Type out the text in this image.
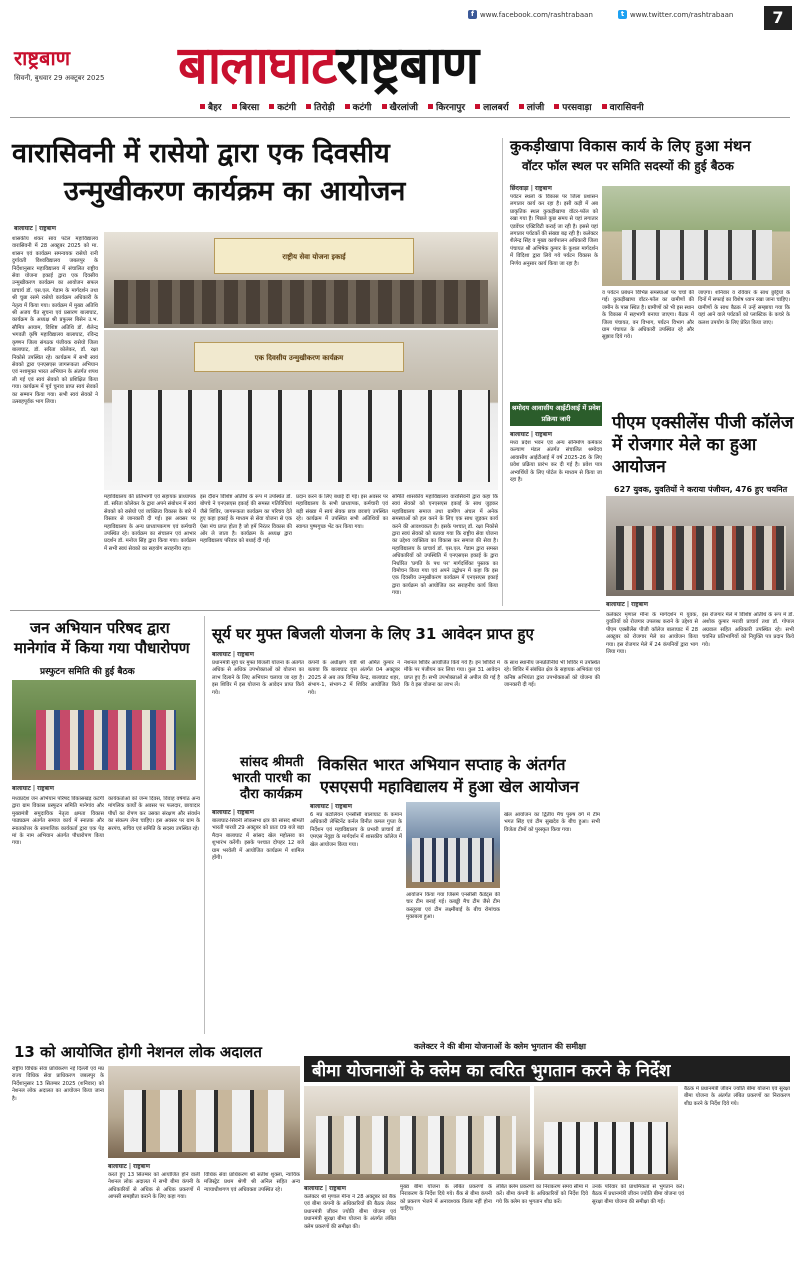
f www.facebook.com/rashtrabaan	t www.twitter.com/rashtrabaan	7
राष्ट्रबाण
सिवनी, बुधवार 29 अक्टूबर 2025 बालाघाटराष्ट्रबाण
बैहर बिरसा कटंगी तिरोड़ी कटंगी खैरलांजी किरनापुर लालबर्रा लांजी परसवाड़ा वारासिवनी
वारासिवनी में रासेयो द्वारा एक दिवसीय
उन्मुखीकरण कार्यक्रम का आयोजन
बालाघाट | राष्ट्रबाण
शासकीय शंकर साव पटेल महाविद्यालय वारासिवनी में 28 अक्टूबर 2025 को मा. शासन एवं कार्यक्रम समन्वयक रासेयो रानी दुर्गावती विश्वविद्यालय जबलपुर के निर्देशानुसार महाविद्यालय में संचालित राष्ट्रीय सेवा योजना इकाई द्वारा एक दिवसीय उन्मुखीकरण कार्यक्रम का आयोजन सफल प्राचार्य डॉ. एस.एल. गेडाम के मार्गदर्शन तथा श्री चुन्ना रसमे रासेयो कार्यक्रम अधिकारी के नेतृत्व में किया गया। कार्यक्रम में मुख्य अतिथि श्री अजय चैत सूचना एवं प्रसारण बालाघाट, कार्यक्रम के अध्यक्ष श्री प्रफुल्ल बिसेन उ.भ. सौमित्र आयाम, विशिष्ट अतिथि डॉ. शैलेन्द्र भगवती कृषि महाविद्यालय बालाघाट, रविन्द्र कृष्णन जिला संगठक पंजीयक रासेयो जिला बालाघाट, डॉ. सरिता कोलेकर, डॉ. रक्षा निकोसे उपस्थित रहे। कार्यक्रम में सभी स्वयं सेवको द्वारा एनएसएस जागरूकता अभियान एवं नशामुक्त भारत अभियान के अंतर्गत शपथ ली गई एवं स्वयं सेवको को प्रशिक्षित किया गया। कार्यक्रम में पूर्व चुनाव प्राप्त स्वयं सेवकों का सम्मान किया गया। सभी स्वयं सेवको ने उत्साहपूर्वक भाग लिया।
राष्ट्रीय सेवा योजना इकाई
एक दिवसीय उन्मुखीकरण कार्यक्रम
महाविद्यालय की प्रतिभागी एवं सहायक प्राध्यापक डॉ. सरिता कोलेकर के द्वारा अपने संबोधन में स्वयं सेवको को रासेयो एवं व्यक्तित्व विकास के बारे में विस्तार से जानकारी दी गई। इस अवसर पर महाविद्यालय के अन्य प्राध्यापकगण एवं कर्मचारी उपस्थित रहे। कार्यक्रम का संचालन एवं आभार प्रदर्शन डॉ. मनोज सिंह द्वारा किया गया। कार्यक्रम में सभी स्वयं सेवको का सहयोग सराहनीय रहा।
इस दौरान विशिष्ट अतिथि के रूप में उपस्थित डॉ. बोपचे ने एनएसएस इकाई की समस्त गतिविधियां जैसे शिविर, जागरूकता कार्यक्रम का परिचय देते हुए कहा इकाई के माध्यम से सेवा योजना से एक ऐसा मंच प्राप्त होता है जो हमें निरंतर विकास की ओर ले जाता है। कार्यक्रम के अध्यक्ष द्वारा महाविद्यालय परिवार को बधाई दी गई।
प्रदान करने के लिए बधाई दी गई। इस अवसर पर महाविद्यालय के सभी प्राध्यापक, कर्मचारी एवं बड़ी संख्या में स्वयं सेवक छात्र छात्राएं उपस्थित रहे। कार्यक्रम में उपस्थित सभी अतिथियों का स्वागत पुष्पगुच्छ भेंट कर किया गया।
समिति शासकीय महाविद्यालय वारासिवनी द्वारा कहा कि स्वयं सेवको को एनएसएस इकाई के साथ जुड़कर महाविद्यालय समाज तथा ग्रामीण अंचल में अनेक समस्याओं को हल करने के लिए एक साथ जुड़कर कार्य करने की आवश्यकता है। इसके पश्चात् डॉ. रक्षा निकोसे द्वारा स्वयं सेवको को बताया गया कि राष्ट्रीय सेवा योजना का उद्देश्य व्यक्तित्व का विकास कर समाज की सेवा है। महाविद्यालय के प्राचार्य डॉ. एस.एल. गेडाम द्वारा समस्त अधिकारियों को उपस्थिति में एनएसएस इकाई के द्वारा निर्धारित 'प्रगति के पथ पर' मार्गदर्शिका पुस्तक का विमोचन किया गया एवं अपने उद्बोधन में कहा कि इस एक दिवसीय उन्मुखीकरण कार्यक्रम में एनएसएस इकाई द्वारा कार्यक्रम को आयोजित कर सराहनीय कार्य किया गया।
कुकड़ीखापा विकास कार्य के लिए हुआ मंथन
वॉटर फॉल स्थल पर समिति सदस्यों की हुई बैठक
छिंदवाड़ा | राष्ट्रबाण
पर्यटन स्थलों के विकास पर जिला प्रशासन लगातार कार्य कर रहा है। इसी कड़ी में अब प्राकृतिक स्थल कुकड़ीखापा वॉटर-फॉल को रखा गया है। पिछले कुछ समय से यहां लगातार एडवेंचर एक्टिविटी कराई जा रही है। इससे यहां लगातार पर्यटकों की संख्या बढ़ रही है। कलेक्टर शैलेन्द्र सिंह व मुख्य कार्यपालन अधिकारी जिला पंचायत श्री अभिषेक कुमार के कुशल मार्गदर्शन में विदिशा द्वारा लिये गये पर्यटन विकास के निर्णय अनुसार कार्य किया जा रहा है।
व पर्यटन प्रबंधन विभिन्न समस्याओं पर चर्चा की गई। कुकड़ीखापा वॉटर-फॉल का ग्रामीणों की जमीन के पास स्थित है। ग्रामीणों को भी इस स्थान के विकास में सहभागी बनाया जाएगा। बैठक में जिला पंचायत, वन विभाग, पर्यटन विभाग और ग्राम पंचायत के अधिकारी उपस्थित रहे और सुझाव दिये गये।
जाएगा। शनिवार व रविवार के साथ छुट्टियों के दिनों में सफाई का विशेष ध्यान रखा जाना चाहिए। ग्रामीणों के साथ बैठक में उन्हें सम्झाया गया कि यहां आने वाले पर्यटकों को प्लास्टिक के कचरे के कलश उपयोग के लिए प्रेरित किया जाए।
श्रमोदय आवासीय आईटीआई में प्रवेश प्रक्रिया जारी
बालाघाट | राष्ट्रबाण
मध्य प्रदेश भवन एवं अन्य संनिर्माण कर्मकार कल्याण मंडल अंतर्गत संचालित श्रमोदय आवासीय आईटीआई में वर्ष 2025-26 के लिए प्रवेश प्रक्रिया प्रारंभ कर दी गई है। प्रवेश पात्र अभ्यर्थियों के लिए पोर्टल के माध्यम से किया जा रहा है।
पीएम एक्सीलेंस पीजी कॉलेज में रोजगार मेले का हुआ आयोजन
627 युवक, युवतियों ने कराया पंजीयन, 476 हुए चयनित
बालाघाट | राष्ट्रबाण
कलेक्टर मृणाल मीना के मार्गदर्शन में युवक, युवतियों को रोजगार उपलब्ध कराने के उद्देश्य से पीएम एक्सीलेंस पीजी कॉलेज बालाघाट में 28 अक्टूबर को रोजगार मेले का आयोजन किया गया। इस रोजगार मेले में 24 कंपनियों द्वारा भाग लिया गया।
इस रोजगार मेले में विशिष्ट अतिथि के रूप में डॉ. अशोक कुमार मरावी प्राचार्य तथा डॉ. गोपाल अग्रवाल सहित अधिकारी उपस्थित रहे। सभी चयनित प्रतिभागियों को नियुक्ति पत्र प्रदान किये गये।
जन अभियान परिषद द्वारा
मानेगांव में किया गया पौधारोपण
प्रस्फुटन समिति की हुई बैठक
बालाघाट | राष्ट्रबाण
मध्यप्रदेश जन अभियान परिषद विकासखंड़ कटंगी द्वारा ग्राम विकास प्रस्फुटन समिति मानेगांव और मुख्यमंत्री समुदायिक नेतृत्व क्षमता विकास पाठ्यक्रम अंतर्गत समाज कार्य में स्नातक और स्नातकोत्तर के सामाजिक कार्यकर्ता द्वारा एक पेड़ मां के नाम अभियान अंतर्गत पौधारोपण किया गया।
कार्यकर्ताओं को जन्म दिवस, विवाह वर्षगांठ अन्य मांगलिक कार्यों के अवसर पर फलदार, छायादार पौधों का रोपण कर उसका संरक्षण और संवर्धन का संकल्प लेना चाहिए। इस अवसर पर ग्राम के सरपंच, सचिव एवं समिति के सदस्य उपस्थित रहे।
सूर्य घर मुफ्त बिजली योजना के लिए 31 आवेदन प्राप्त हुए
बालाघाट | राष्ट्रबाण
प्रधानमंत्री सूर्य घर मुफ्त बिजली योजना के अंतर्गत अधिक से अधिक उपभोक्ताओं को योजना का लाभ दिलाने के लिए अभियान चलाया जा रहा है। इस शिविर में इस योजना के आवेदन प्राप्त किये गये।
कंपनी के अधीक्षण यंत्री श्री अमित कुमार ने बताया कि बालाघाट वृत्त अंतर्गत 04 अक्टूबर 2025 से अब तक विभिन्न केन्द्र, बालाघाट शहर, संभाग-1, संभाग-2 में शिविर आयोजित किये गये।
नेशनल शिविर आयोजित किये गये है। इन शिविरों में मौके पर पंजीयन कर लिया गया। कुल 31 आवेदन प्राप्त हुए हैं। सभी उपभोक्ताओं से अपील की गई है कि वे इस योजना का लाभ लें।
के साथ स्थानीय जनप्रतिनिधि भी शिविर में उपस्थित रहे। शिविर में संबंधित क्षेत्र के सहायक अभियंता एवं कनिष्ठ अभियंता द्वारा उपभोक्ताओं को योजना की जानकारी दी गई।
सांसद श्रीमती
भारती पारधी का
दौरा कार्यक्रम
बालाघाट | राष्ट्रबाण
बालाघाट-सिवनी लोकसभा क्षेत्र की सांसद श्रीमती भारती पारधी 29 अक्टूबर को प्रातः 09 बजे बड़ा मैदान बालाघाट में सांसद खेल महोत्सव का शुभारंभ करेंगी। इसके पश्चात दोपहर 12 बजे ग्राम भरवेली में आयोजित कार्यक्रम में शामिल होंगी।
विकसित भारत अभियान सप्ताह के अंतर्गत
एसएसपी महाविद्यालय में हुआ खेल आयोजन
बालाघाट | राष्ट्रबाण
6 मप्र बटालियन एनसीसी बालाघाट के कमान अधिकारी लेफ्टिनेंट कर्नल विनीत कमल गुप्ता के निर्देशन एवं महाविद्यालय के प्रभारी प्राचार्य डॉ. एमएस नेवुड़ा के मार्गदर्शन में शासकीय कॉलेज में खेल आयोजन किया गया।
आयोजन किया गया जिसमें एनसीसी कैडेट्स की चार टीम बनाई गई। कबड्डी मैच टीम जैसे टीम कस्तूरबा एवं टीम लक्ष्मीबाई के बीच रोमांचक मुकाबला हुआ।
खेल आयोजन का द्वितीय मैच पुरुष वर्ग में टीम भगत सिंह एवं टीम सुखदेव के बीच हुआ। सभी विजेता टीमों को पुरस्कृत किया गया।
कलेक्टर ने की बीमा योजनाओं के क्लेम भुगतान की समीक्षा
बीमा योजनाओं के क्लेम का त्वरित भुगतान करने के निर्देश
बालाघाट | राष्ट्रबाण
कलेक्टर श्री मृणाल मीना ने 28 अक्टूबर को बैंक एवं बीमा कंपनी के अधिकारियों की बैठक लेकर प्रधानमंत्री जीवन ज्योति बीमा योजना एवं प्रधानमंत्री सुरक्षा बीमा योजना के अंतर्गत लंबित क्लेम प्रकरणों की समीक्षा की।
मुख्य बीमा योजना के लंबित प्रकरणों के निराकरण के निर्देश दिये गये। बैंक से बीमा कंपनी को प्रकरण भेजने में अनावश्यक विलंब नहीं होना चाहिए।
लंबित क्लेम प्रकरणों का निराकरण समय सीमा में करें। बीमा कंपनी के अधिकारियों को निर्देश दिये गये कि क्लेम का भुगतान शीघ्र करें।
उनके परिवार को प्राथमिकता से भुगतान करें। बैठक में प्रधानमंत्री जीवन ज्योति बीमा योजना एवं सुरक्षा बीमा योजना की समीक्षा की गई।
बैठक में प्रधानमंत्री जीवन ज्योति बीमा योजना एवं सुरक्षा बीमा योजना के अंतर्गत लंबित प्रकरणों का निराकरण शीघ्र करने के निर्देश दिये गये।
13 को आयोजित होगी नेशनल लोक अदालत
राष्ट्रीय विधिक सेवा प्राधिकरण नई दिल्ली एवं मप्र राज्य विधिक सेवा प्राधिकरण जबलपुर के निर्देशानुसार 13 सितम्बर 2025 (शनिवार) को नेशनल लोक अदालत का आयोजन किया जाना है।
बालाघाट | राष्ट्रबाण
करते हुए 13 सितम्बर को आयोजित होने वाली नेशनल लोक अदालत में सभी बीमा कंपनी के अधिकारियों से अधिक से अधिक प्रकरणों में आपसी समझौता कराने के लिए कहा गया।
विधिक सेवा प्राधिकरण श्री सतीश शुक्ला, न्यायिक मजिस्ट्रेट प्रथम श्रेणी श्री अनिल सहित अन्य न्यायाधीशगण एवं अधिवक्ता उपस्थित रहे।
